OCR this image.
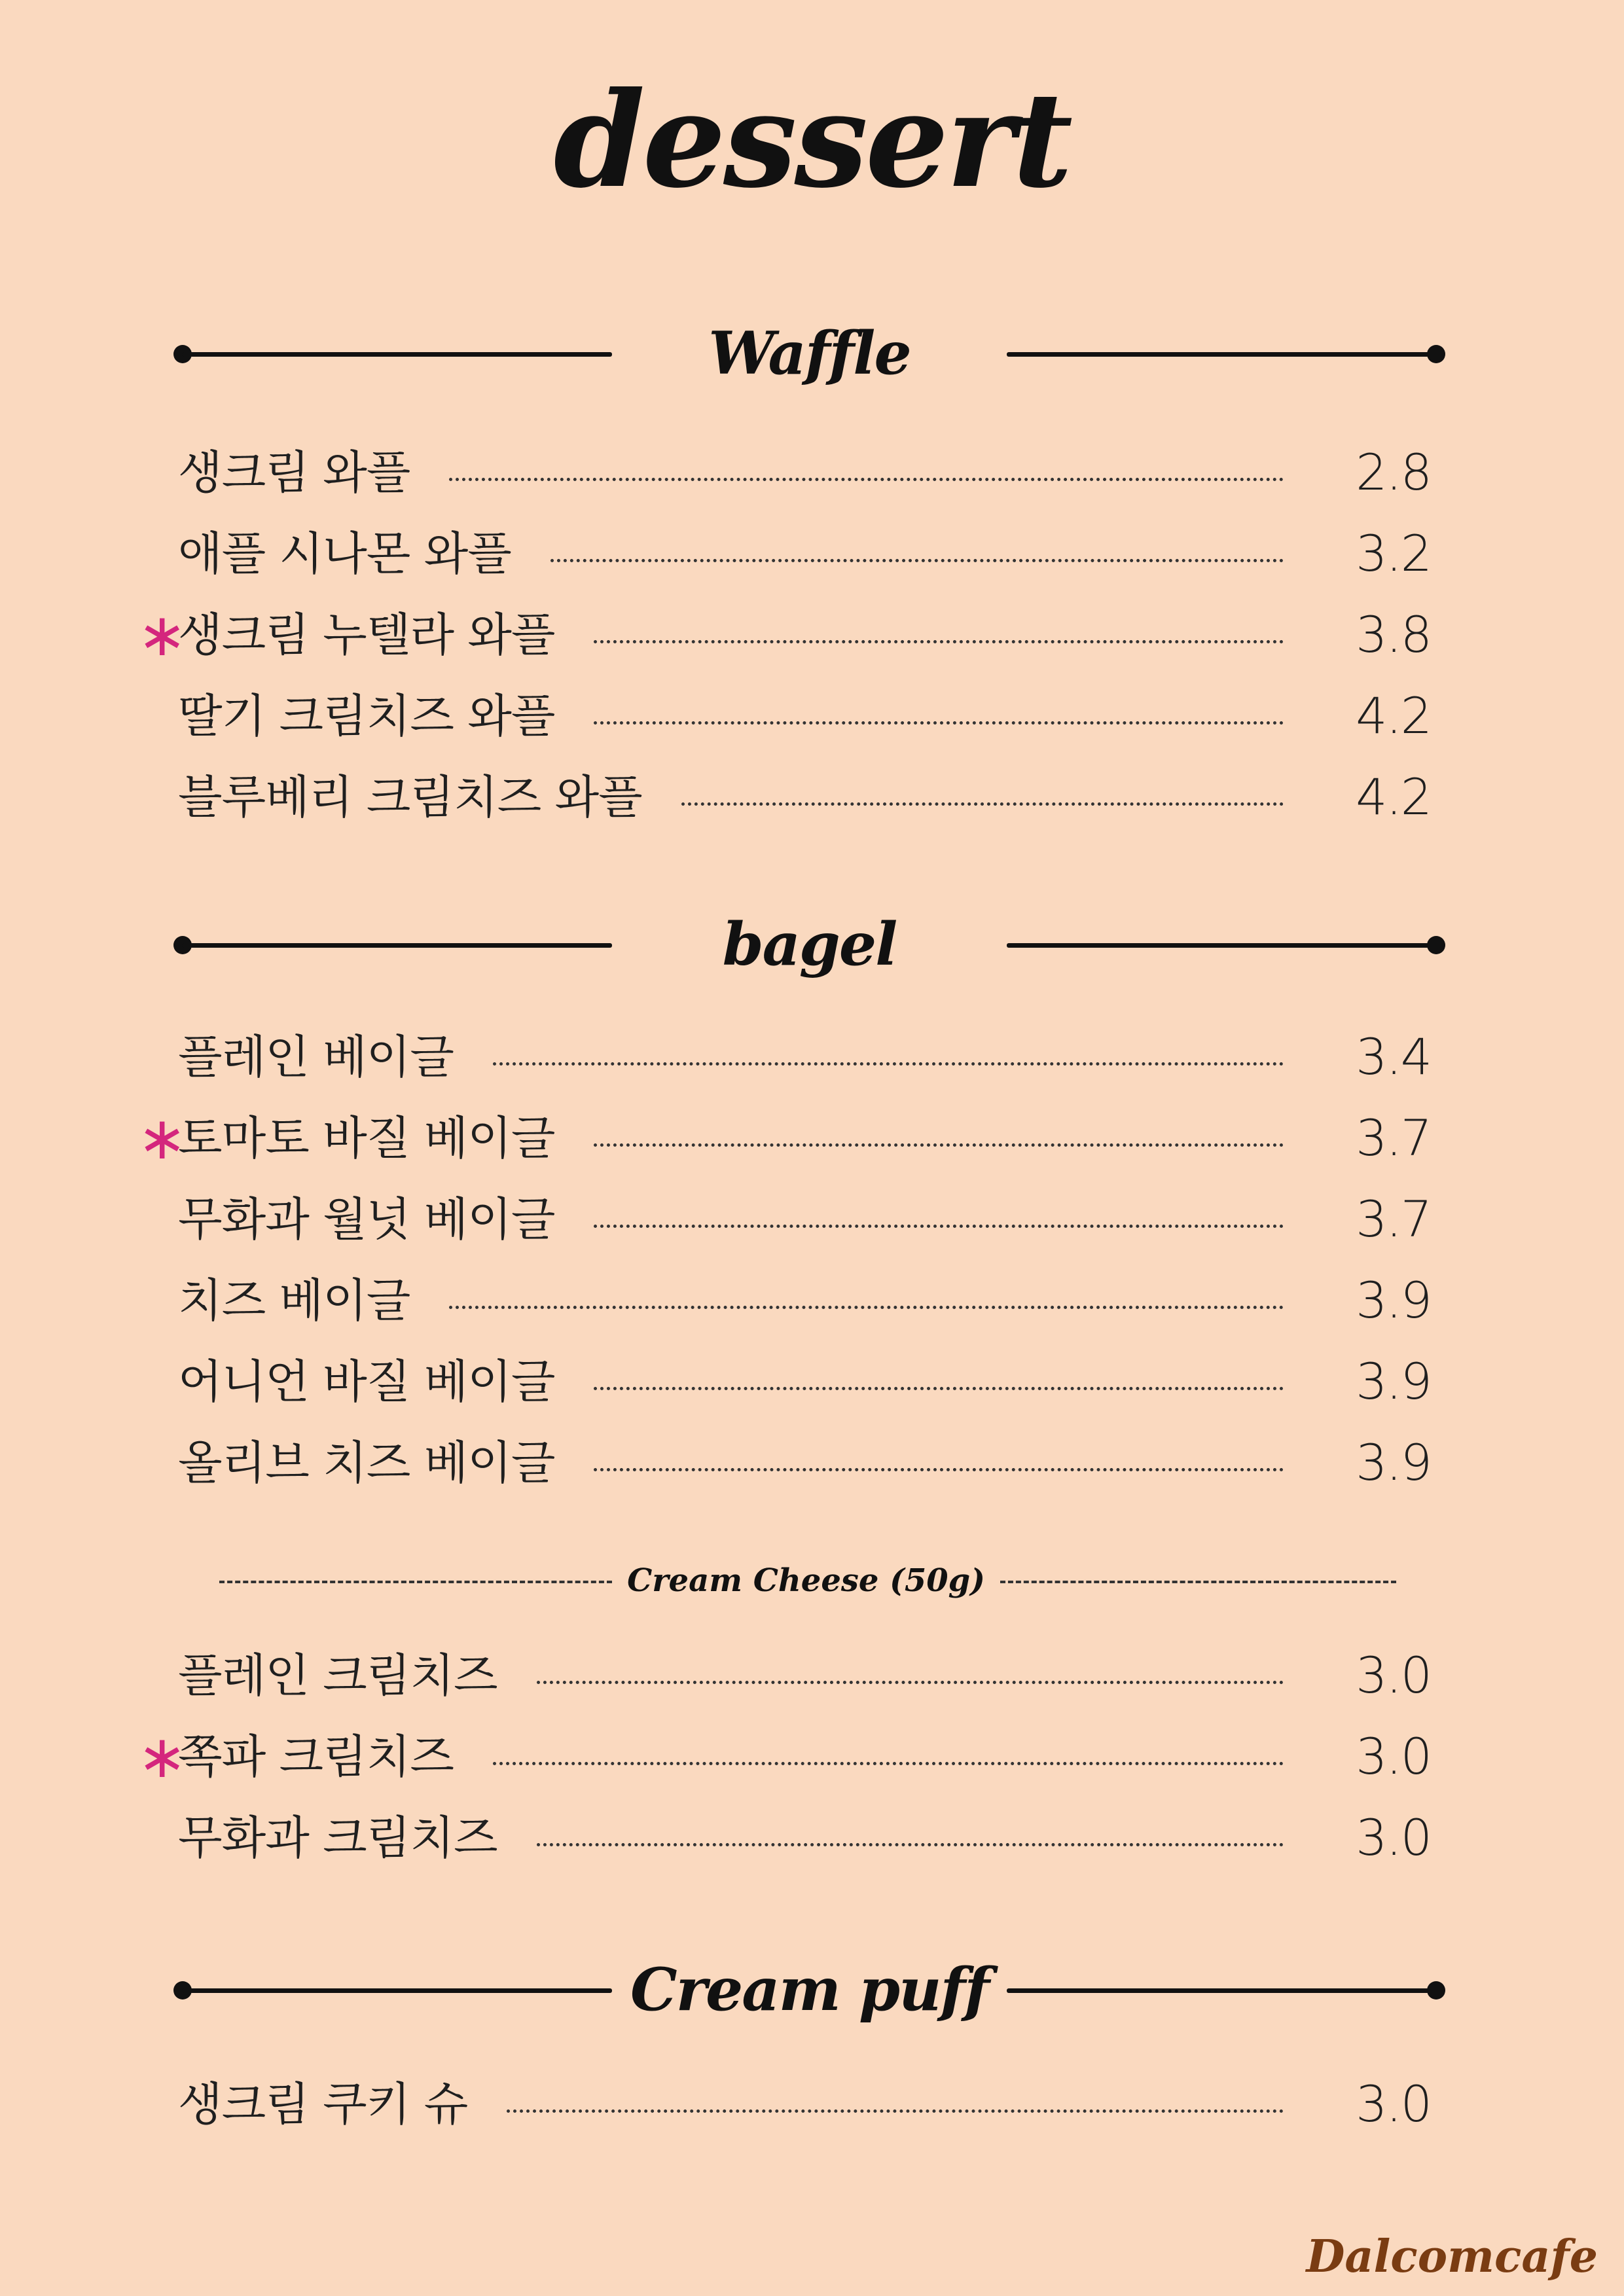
dessert
Waffle
생크림 와플	2.8
애플 시나몬 와플	3.2
∗
생크림 누텔라 와플	3.8
딸기 크림치즈 와플	4.2
블루베리 크림치즈 와플	4.2
bagel
플레인 베이글	3.4
∗
토마토 바질 베이글	3.7
무화과 월넛 베이글	3.7
치즈 베이글	3.9
어니언 바질 베이글	3.9
올리브 치즈 베이글	3.9
Cream Cheese (50g)
플레인 크림치즈	3.0
∗
쪽파 크림치즈	3.0
무화과 크림치즈	3.0
Cream puff
생크림 쿠키 슈	3.0
Dalcomcafe
